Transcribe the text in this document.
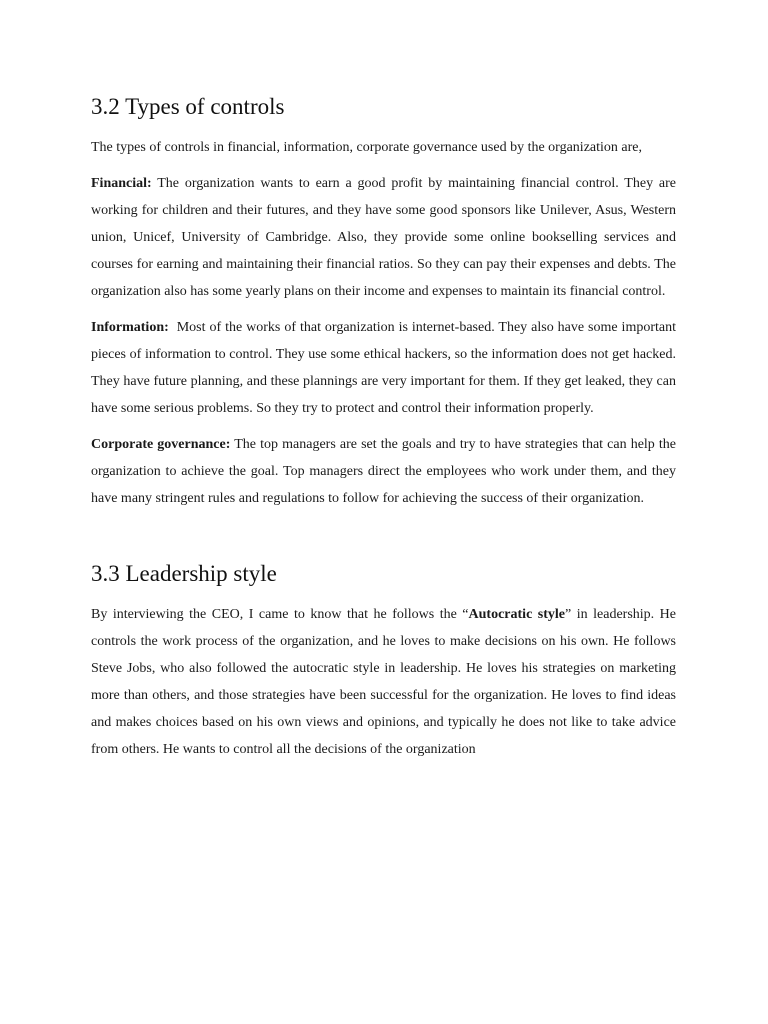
3.2 Types of controls

The types of controls in financial, information, corporate governance used by the organization are,

Financial: The organization wants to earn a good profit by maintaining financial control. They are working for children and their futures, and they have some good sponsors like Unilever, Asus, Western union, Unicef, University of Cambridge. Also, they provide some online bookselling services and courses for earning and maintaining their financial ratios. So they can pay their expenses and debts. The organization also has some yearly plans on their income and expenses to maintain its financial control.

Information:  Most of the works of that organization is internet-based. They also have some important pieces of information to control. They use some ethical hackers, so the information does not get hacked. They have future planning, and these plannings are very important for them. If they get leaked, they can have some serious problems. So they try to protect and control their information properly.

Corporate governance: The top managers are set the goals and try to have strategies that can help the organization to achieve the goal. Top managers direct the employees who work under them, and they have many stringent rules and regulations to follow for achieving the success of their organization.

3.3 Leadership style

By interviewing the CEO, I came to know that he follows the “Autocratic style” in leadership. He controls the work process of the organization, and he loves to make decisions on his own. He follows Steve Jobs, who also followed the autocratic style in leadership. He loves his strategies on marketing more than others, and those strategies have been successful for the organization. He loves to find ideas and makes choices based on his own views and opinions, and typically he does not like to take advice from others. He wants to control all the decisions of the organization
